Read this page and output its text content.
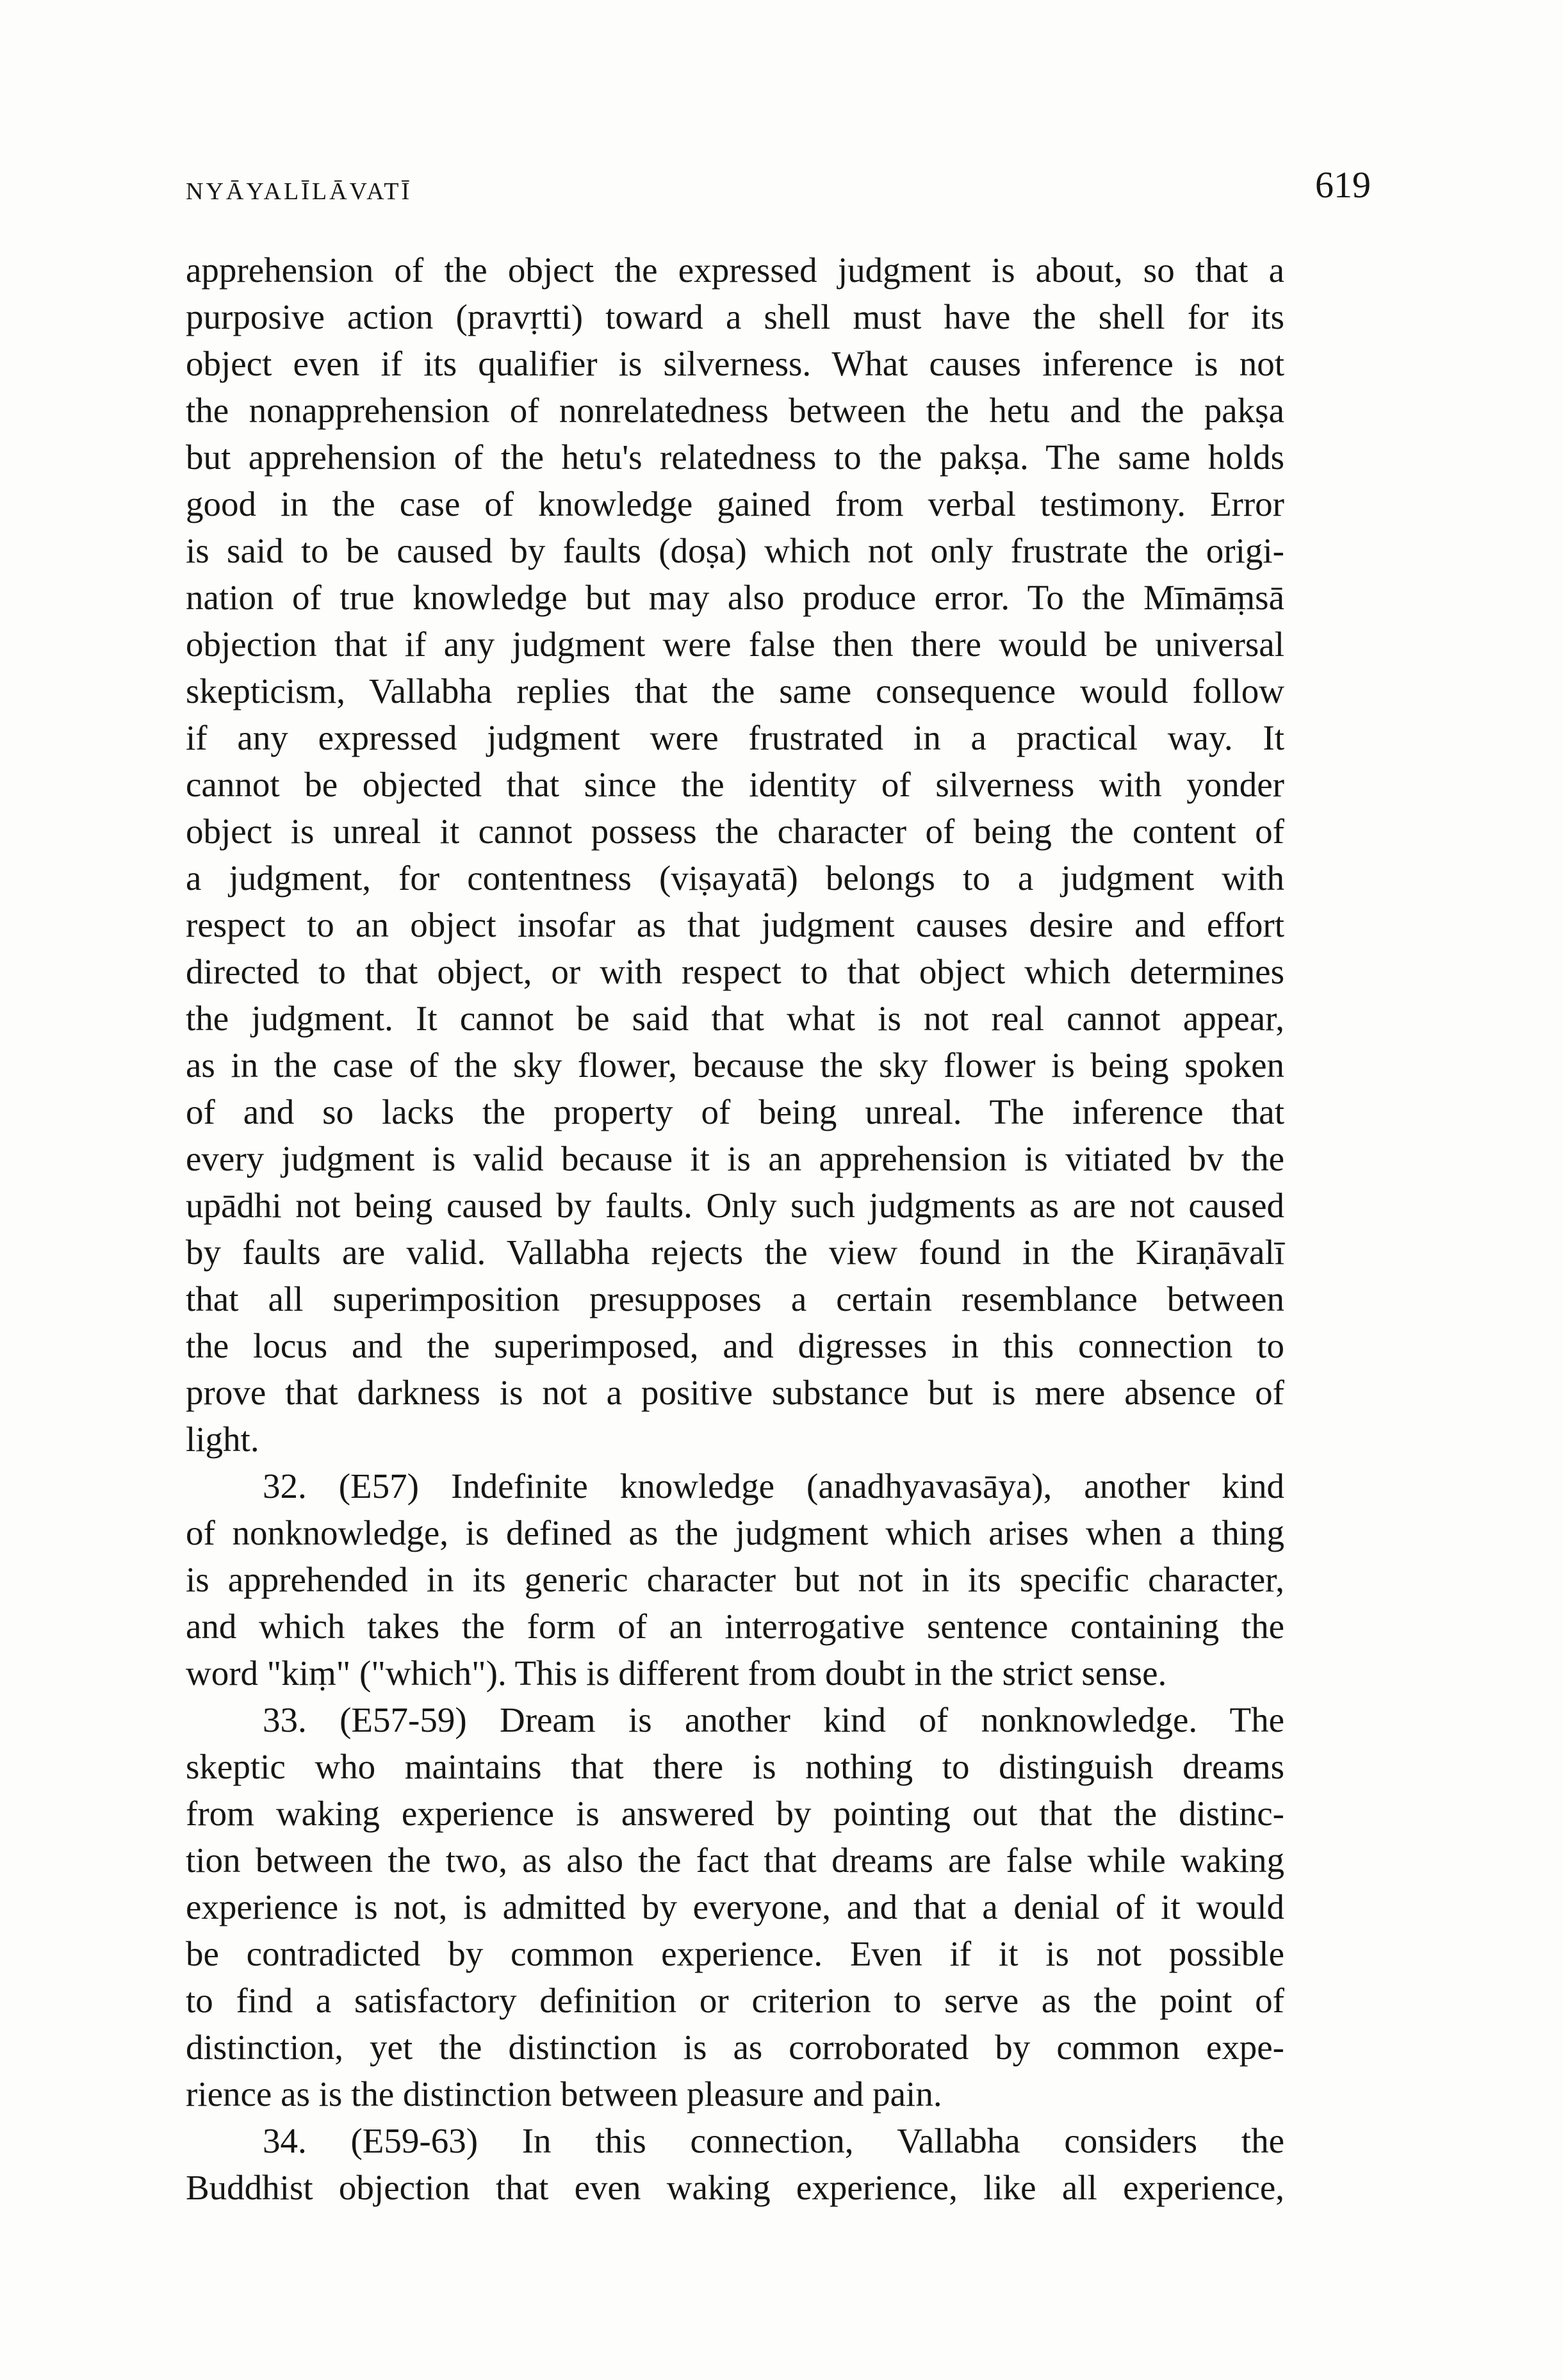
NYĀYALĪLĀVATĪ	619
apprehension of the object the expressed judgment is about, so that a
purposive action (pravṛtti) toward a shell must have the shell for its
object even if its qualifier is silverness. What causes inference is not
the nonapprehension of nonrelatedness between the hetu and the pakṣa
but apprehension of the hetu's relatedness to the pakṣa. The same holds
good in the case of knowledge gained from verbal testimony. Error
is said to be caused by faults (doṣa) which not only frustrate the origi-
nation of true knowledge but may also produce error. To the Mīmāṃsā
objection that if any judgment were false then there would be universal
skepticism, Vallabha replies that the same consequence would follow
if any expressed judgment were frustrated in a practical way. It
cannot be objected that since the identity of silverness with yonder
object is unreal it cannot possess the character of being the content of
a judgment, for contentness (viṣayatā) belongs to a judgment with
respect to an object insofar as that judgment causes desire and effort
directed to that object, or with respect to that object which determines
the judgment. It cannot be said that what is not real cannot appear,
as in the case of the sky flower, because the sky flower is being spoken
of and so lacks the property of being unreal. The inference that
every judgment is valid because it is an apprehension is vitiated bv the
upādhi not being caused by faults. Only such judgments as are not caused
by faults are valid. Vallabha rejects the view found in the Kiraṇāvalī
that all superimposition presupposes a certain resemblance between
the locus and the superimposed, and digresses in this connection to
prove that darkness is not a positive substance but is mere absence of
light.
32. (E57) Indefinite knowledge (anadhyavasāya), another kind
of nonknowledge, is defined as the judgment which arises when a thing
is apprehended in its generic character but not in its specific character,
and which takes the form of an interrogative sentence containing the
word "kiṃ" ("which"). This is different from doubt in the strict sense.
33. (E57-59) Dream is another kind of nonknowledge. The
skeptic who maintains that there is nothing to distinguish dreams
from waking experience is answered by pointing out that the distinc-
tion between the two, as also the fact that dreams are false while waking
experience is not, is admitted by everyone, and that a denial of it would
be contradicted by common experience. Even if it is not possible
to find a satisfactory definition or criterion to serve as the point of
distinction, yet the distinction is as corroborated by common expe-
rience as is the distinction between pleasure and pain.
34. (E59-63) In this connection, Vallabha considers the
Buddhist objection that even waking experience, like all experience,
